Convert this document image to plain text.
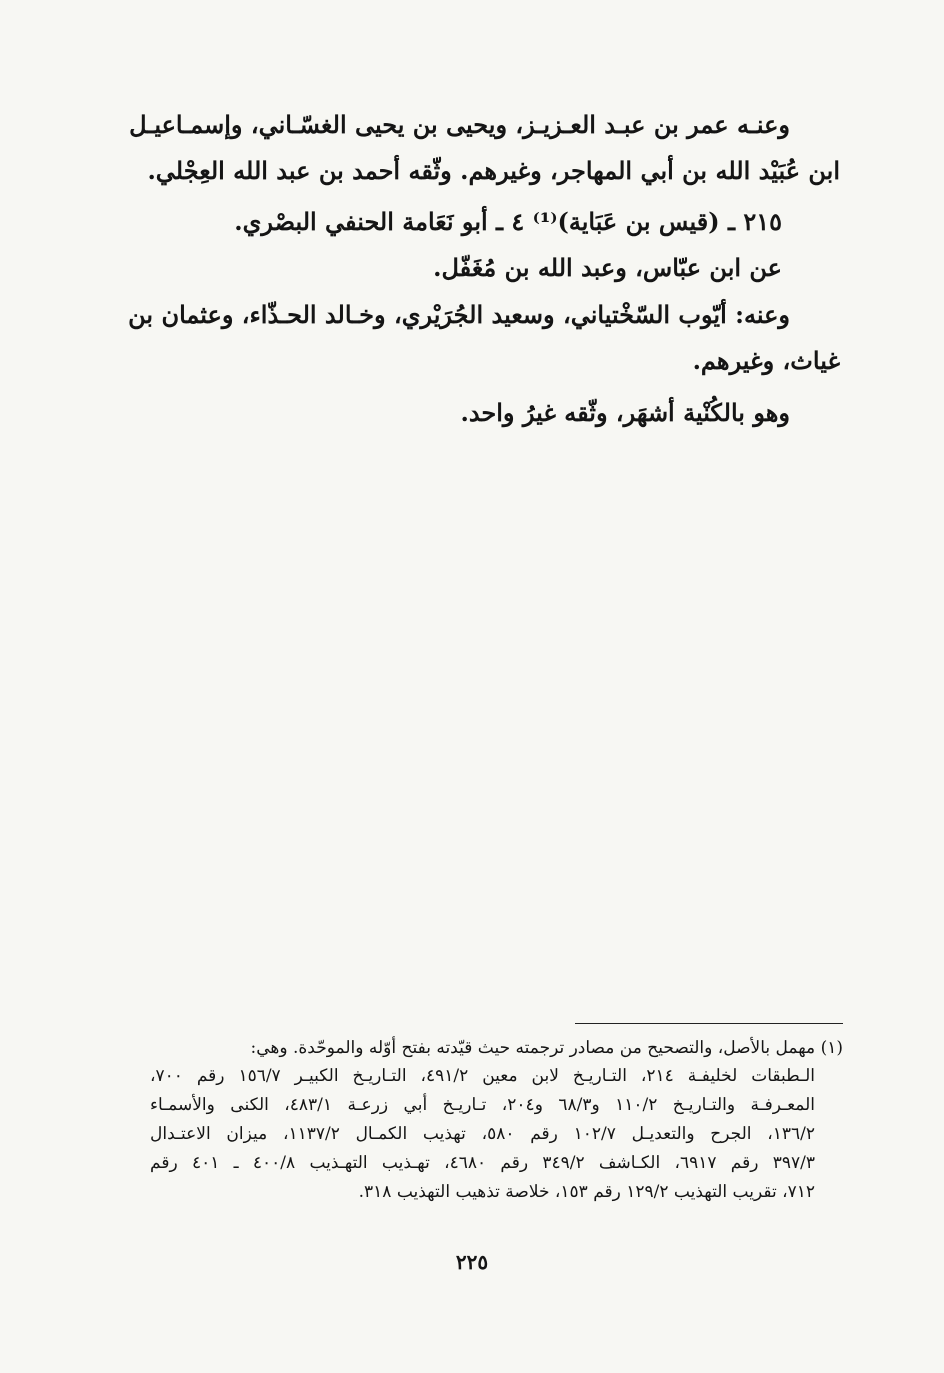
وعنـه عمر بن عبـد العـزيـز، ويحيى بن يحيى الغسّـاني، وإسمـاعيـل
ابن عُبَيْد الله بن أبي المهاجر، وغيرهم. وثّقه أحمد بن عبد الله العِجْلي.
٢١٥ ـ (قيس بن عَبَاية)⁽¹⁾ ٤ ـ أبو نَعَامة الحنفي البصْري.
عن ابن عبّاس، وعبد الله بن مُغَفّل.
وعنه: أيّوب السّخْتياني، وسعيد الجُرَيْري، وخـالد الحـذّاء، وعثمان بن
غياث، وغيرهم.
وهو بالكُنْية أشهَر، وثّقه غيرُ واحد.
(١) مهمل بالأصل، والتصحيح من مصادر ترجمته حيث قيّدته بفتح أوّله والموحّدة. وهي:
الـطبقات لخليفـة ٢١٤، التـاريـخ لابن معين ٤٩١/٢، التـاريـخ الكبيـر ١٥٦/٧ رقم ٧٠٠،
المعـرفـة والتـاريـخ ١١٠/٢ و٦٨/٣ و٢٠٤، تـاريـخ أبي زرعـة ٤٨٣/١، الكنى والأسمـاء
١٣٦/٢، الجرح والتعديـل ١٠٢/٧ رقم ٥٨٠، تهذيب الكمـال ١١٣٧/٢، ميزان الاعتـدال
٣٩٧/٣ رقم ٦٩١٧، الكـاشف ٣٤٩/٢ رقم ٤٦٨٠، تهـذيب التهـذيب ٤٠٠/٨ ـ ٤٠١ رقم
٧١٢، تقريب التهذيب ١٢٩/٢ رقم ١٥٣، خلاصة تذهيب التهذيب ٣١٨.
٢٢٥
